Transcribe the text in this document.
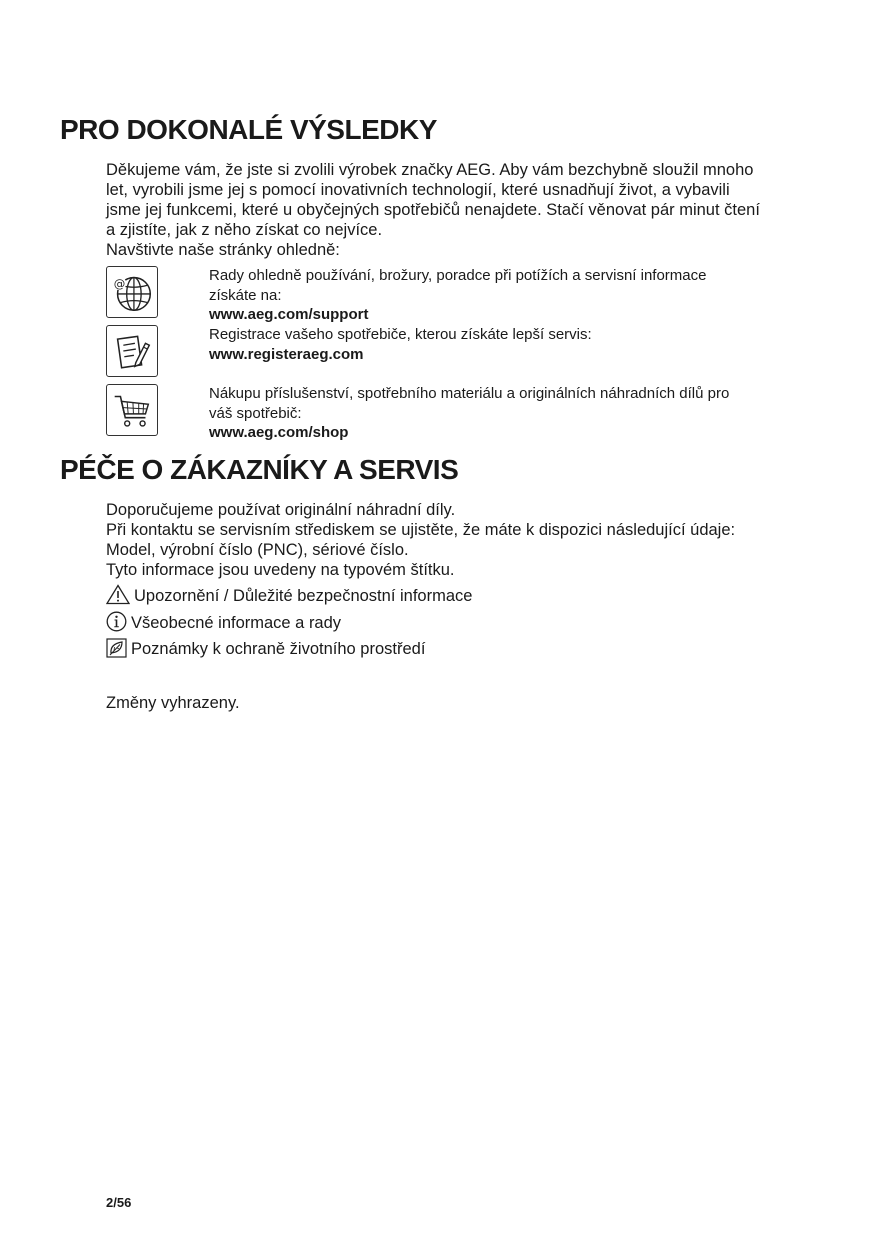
PRO DOKONALÉ VÝSLEDKY

Děkujeme vám, že jste si zvolili výrobek značky AEG. Aby vám bezchybně sloužil mnoho

let, vyrobili jsme jej s pomocí inovativních technologií, které usnadňují život, a vybavili

jsme jej funkcemi, které u obyčejných spotřebičů nenajdete. Stačí věnovat pár minut čtení

a zjistíte, jak z něho získat co nejvíce.

Navštivte naše stránky ohledně:

@	Rady ohledně používání, brožury, poradce při potížích a servisní informace
získáte na:
www.aeg.com/support
Registrace vašeho spotřebiče, kterou získáte lepší servis:
www.registeraeg.com
Nákupu příslušenství, spotřebního materiálu a originálních náhradních dílů pro
váš spotřebič:
www.aeg.com/shop
PÉČE O ZÁKAZNÍKY A SERVIS

Doporučujeme používat originální náhradní díly.

Při kontaktu se servisním střediskem se ujistěte, že máte k dispozici následující údaje:

Model, výrobní číslo (PNC), sériové číslo.

Tyto informace jsou uvedeny na typovém štítku.

Upozornění / Důležité bezpečnostní informace
Všeobecné informace a rady
Poznámky k ochraně životního prostředí
Změny vyhrazeny.
2/56
